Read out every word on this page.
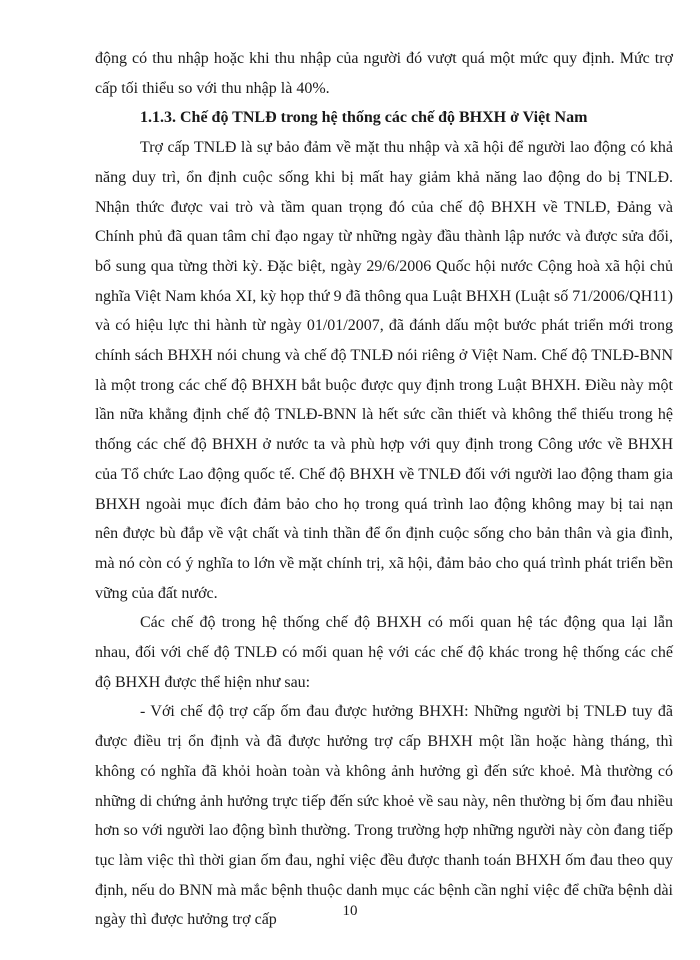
động có thu nhập hoặc khi thu nhập của người đó vượt quá một mức quy định. Mức trợ cấp tối thiểu so với thu nhập là 40%.

1.1.3. Chế độ TNLĐ trong hệ thống các chế độ BHXH ở Việt Nam

Trợ cấp TNLĐ là sự bảo đảm về mặt thu nhập và xã hội để người lao động có khả năng duy trì, ổn định cuộc sống khi bị mất hay giảm khả năng lao động do bị TNLĐ. Nhận thức được vai trò và tầm quan trọng đó của chế độ BHXH về TNLĐ, Đảng và Chính phủ đã quan tâm chỉ đạo ngay từ những ngày đầu thành lập nước và được sửa đổi, bổ sung qua từng thời kỳ. Đặc biệt, ngày 29/6/2006 Quốc hội nước Cộng hoà xã hội chủ nghĩa Việt Nam khóa XI, kỳ họp thứ 9 đã thông qua Luật BHXH (Luật số 71/2006/QH11) và có hiệu lực thi hành từ ngày 01/01/2007, đã đánh dấu một bước phát triển mới trong chính sách BHXH nói chung và chế độ TNLĐ nói riêng ở Việt Nam. Chế độ TNLĐ-BNN là một trong các chế độ BHXH bắt buộc được quy định trong Luật BHXH. Điều này một lần nữa khẳng định chế độ TNLĐ-BNN là hết sức cần thiết và không thể thiếu trong hệ thống các chế độ BHXH ở nước ta và phù hợp với quy định trong Công ước về BHXH của Tổ chức Lao động quốc tế. Chế độ BHXH về TNLĐ đối với người lao động tham gia BHXH ngoài mục đích đảm bảo cho họ trong quá trình lao động không may bị tai nạn nên được bù đắp về vật chất và tinh thần để ổn định cuộc sống cho bản thân và gia đình, mà nó còn có ý nghĩa to lớn về mặt chính trị, xã hội, đảm bảo cho quá trình phát triển bền vững của đất nước.

Các chế độ trong hệ thống chế độ BHXH có mối quan hệ tác động qua lại lẫn nhau, đối với chế độ TNLĐ có mối quan hệ với các chế độ khác trong hệ thống các chế độ BHXH được thể hiện như sau:

- Với chế độ trợ cấp ốm đau được hưởng BHXH: Những người bị TNLĐ tuy đã được điều trị ổn định và đã được hưởng trợ cấp BHXH một lần hoặc hàng tháng, thì không có nghĩa đã khỏi hoàn toàn và không ảnh hưởng gì đến sức khoẻ. Mà thường có những di chứng ảnh hưởng trực tiếp đến sức khoẻ về sau này, nên thường bị ốm đau nhiều hơn so với người lao động bình thường. Trong trường hợp những người này còn đang tiếp tục làm việc thì thời gian ốm đau, nghỉ việc đều được thanh toán BHXH ốm đau theo quy định, nếu do BNN mà mắc bệnh thuộc danh mục các bệnh cần nghỉ việc để chữa bệnh dài ngày thì được hưởng trợ cấp

10
